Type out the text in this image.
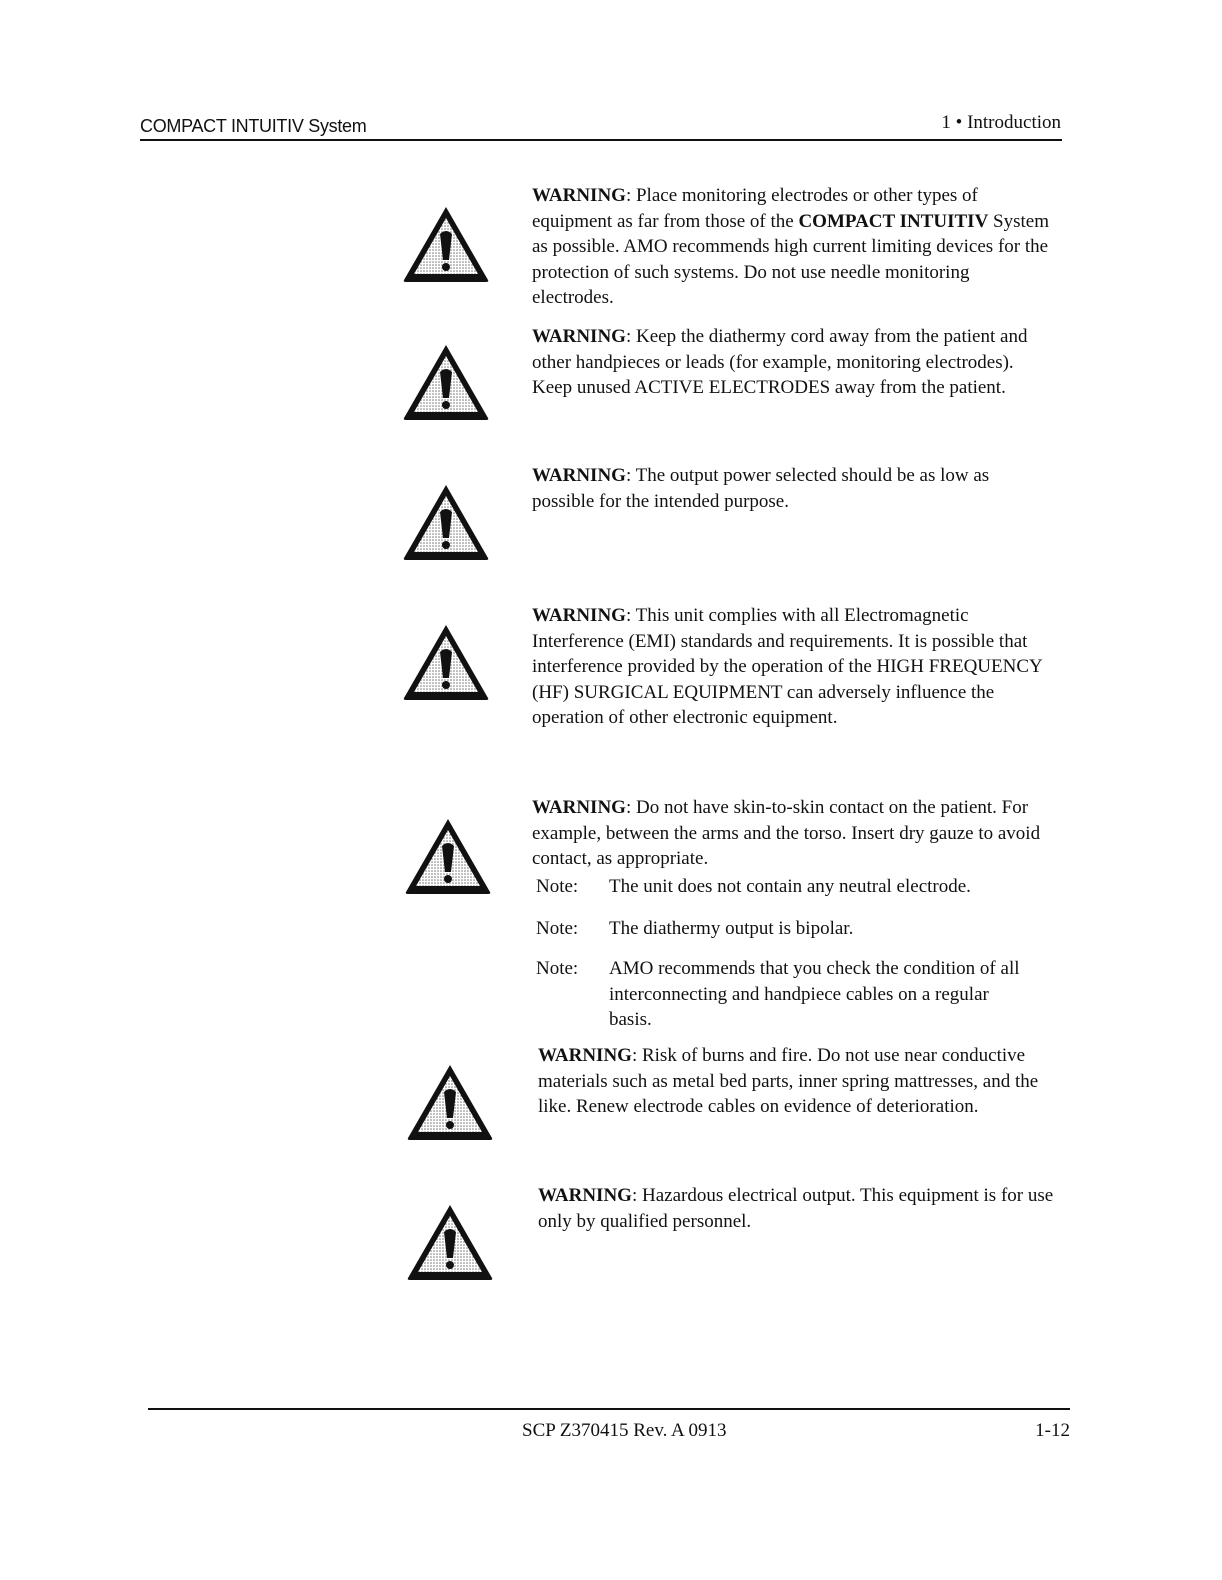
COMPACT INTUITIV System	1 • Introduction
WARNING: Place monitoring electrodes or other types of equipment as far from those of the COMPACT INTUITIV System as possible. AMO recommends high current limiting devices for the protection of such systems. Do not use needle monitoring electrodes.
WARNING: Keep the diathermy cord away from the patient and other handpieces or leads (for example, monitoring electrodes). Keep unused ACTIVE ELECTRODES away from the patient.
WARNING: The output power selected should be as low as possible for the intended purpose.
WARNING: This unit complies with all Electromagnetic Interference (EMI) standards and requirements. It is possible that interference provided by the operation of the HIGH FREQUENCY (HF) SURGICAL EQUIPMENT can adversely influence the operation of other electronic equipment.
WARNING: Do not have skin-to-skin contact on the patient. For example, between the arms and the torso. Insert dry gauze to avoid contact, as appropriate.
Note: The unit does not contain any neutral electrode.
Note: The diathermy output is bipolar.
Note: AMO recommends that you check the condition of all interconnecting and handpiece cables on a regular basis.
WARNING: Risk of burns and fire. Do not use near conductive materials such as metal bed parts, inner spring mattresses, and the like. Renew electrode cables on evidence of deterioration.
WARNING: Hazardous electrical output. This equipment is for use only by qualified personnel.
SCP Z370415 Rev. A 0913	1-12
